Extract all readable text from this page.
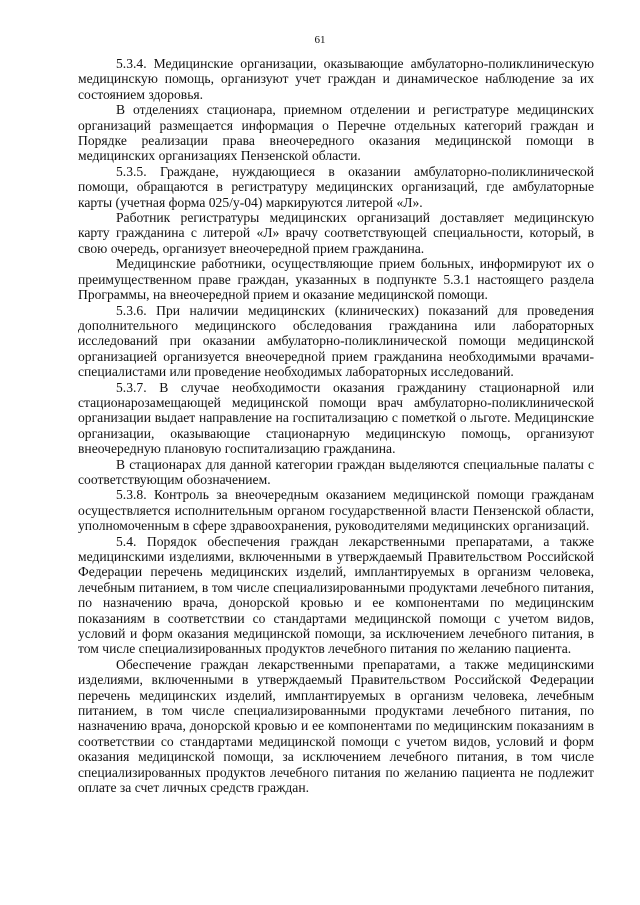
61

5.3.4. Медицинские организации, оказывающие амбулаторно-поликлиническую медицинскую помощь, организуют учет граждан и динамическое наблюдение за их состоянием здоровья.

В отделениях стационара, приемном отделении и регистратуре медицинских организаций размещается информация о Перечне отдельных категорий граждан и Порядке реализации права внеочередного оказания медицинской помощи в медицинских организациях Пензенской области.

5.3.5. Граждане, нуждающиеся в оказании амбулаторно-поликлинической помощи, обращаются в регистратуру медицинских организаций, где амбулаторные карты (учетная форма 025/у-04) маркируются литерой «Л».

Работник регистратуры медицинских организаций доставляет медицинскую карту гражданина с литерой «Л» врачу соответствующей специальности, который, в свою очередь, организует внеочередной прием гражданина.

Медицинские работники, осуществляющие прием больных, информируют их о преимущественном праве граждан, указанных в подпункте 5.3.1 настоящего раздела Программы, на внеочередной прием и оказание медицинской помощи.

5.3.6. При наличии медицинских (клинических) показаний для проведения дополнительного медицинского обследования гражданина или лабораторных исследований при оказании амбулаторно-поликлинической помощи медицинской организацией организуется внеочередной прием гражданина необходимыми врачами-специалистами или проведение необходимых лабораторных исследований.

5.3.7. В случае необходимости оказания гражданину стационарной или стационарозамещающей медицинской помощи врач амбулаторно-поликлинической организации выдает направление на госпитализацию с пометкой о льготе. Медицинские организации, оказывающие стационарную медицинскую помощь, организуют внеочередную плановую госпитализацию гражданина.

В стационарах для данной категории граждан выделяются специальные палаты с соответствующим обозначением.

5.3.8. Контроль за внеочередным оказанием медицинской помощи гражданам осуществляется исполнительным органом государственной власти Пензенской области, уполномоченным в сфере здравоохранения, руководителями медицинских организаций.

5.4. Порядок обеспечения граждан лекарственными препаратами, а также медицинскими изделиями, включенными в утверждаемый Правительством Российской Федерации перечень медицинских изделий, имплантируемых в организм человека, лечебным питанием, в том числе специализированными продуктами лечебного питания, по назначению врача, донорской кровью и ее компонентами по медицинским показаниям в соответствии со стандартами медицинской помощи с учетом видов, условий и форм оказания медицинской помощи, за исключением лечебного питания, в том числе специализированных продуктов лечебного питания по желанию пациента.

Обеспечение граждан лекарственными препаратами, а также медицинскими изделиями, включенными в утверждаемый Правительством Российской Федерации перечень медицинских изделий, имплантируемых в организм человека, лечебным питанием, в том числе специализированными продуктами лечебного питания, по назначению врача, донорской кровью и ее компонентами по медицинским показаниям в соответствии со стандартами медицинской помощи с учетом видов, условий и форм оказания медицинской помощи, за исключением лечебного питания, в том числе специализированных продуктов лечебного питания по желанию пациента не подлежит оплате за счет личных средств граждан.
